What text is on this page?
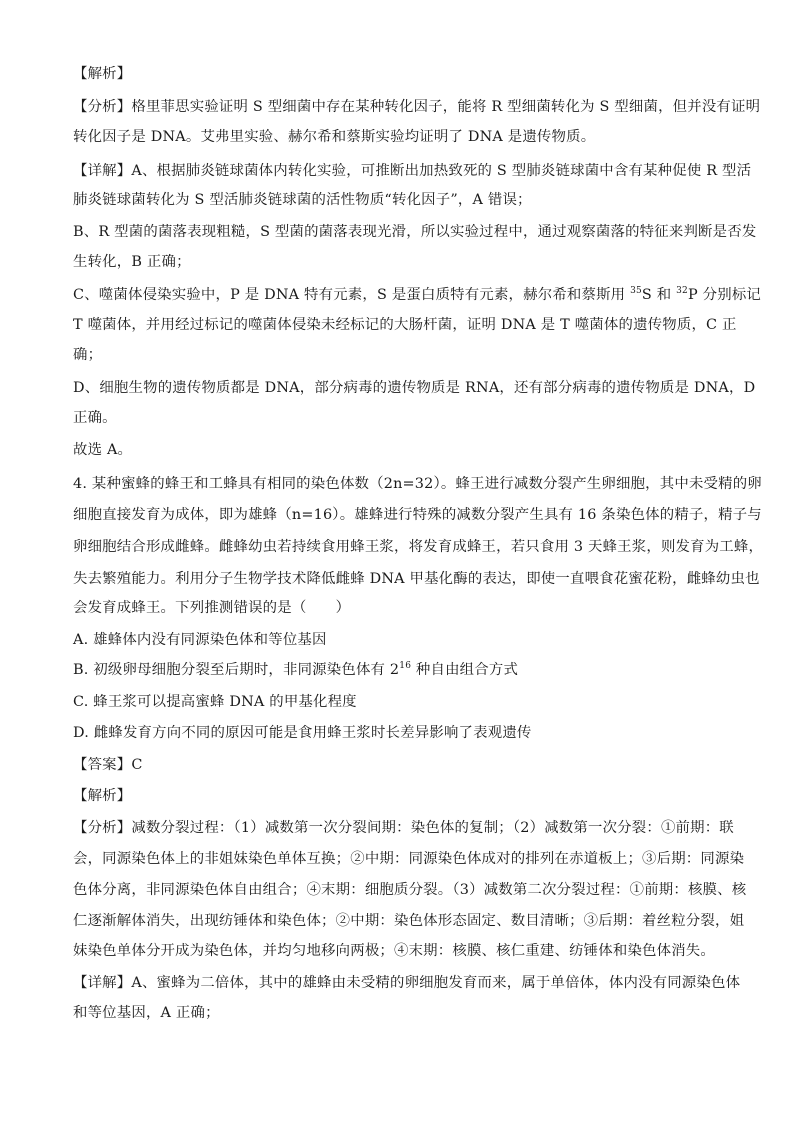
【解析】
【分析】格里菲思实验证明 S 型细菌中存在某种转化因子，能将 R 型细菌转化为 S 型细菌，但并没有证明
转化因子是 DNA。艾弗里实验、赫尔希和蔡斯实验均证明了 DNA 是遗传物质。
【详解】A、根据肺炎链球菌体内转化实验，可推断出加热致死的 S 型肺炎链球菌中含有某种促使 R 型活
肺炎链球菌转化为 S 型活肺炎链球菌的活性物质“转化因子”，A 错误；
B、R 型菌的菌落表现粗糙，S 型菌的菌落表现光滑，所以实验过程中，通过观察菌落的特征来判断是否发
生转化，B 正确；
C、噬菌体侵染实验中，P 是 DNA 特有元素，S 是蛋白质特有元素，赫尔希和蔡斯用 $^{35}$S 和 $^{32}$P 分别标记
T 噬菌体，并用经过标记的噬菌体侵染未经标记的大肠杆菌，证明 DNA 是 T 噬菌体的遗传物质，C 正
确；
D、细胞生物的遗传物质都是 DNA，部分病毒的遗传物质是 RNA，还有部分病毒的遗传物质是 DNA，D
正确。
故选 A。
4. 某种蜜蜂的蜂王和工蜂具有相同的染色体数（2n=32）。蜂王进行减数分裂产生卵细胞，其中未受精的卵
细胞直接发育为成体，即为雄蜂（n=16）。雄蜂进行特殊的减数分裂产生具有 16 条染色体的精子，精子与
卵细胞结合形成雌蜂。雌蜂幼虫若持续食用蜂王浆，将发育成蜂王，若只食用 3 天蜂王浆，则发育为工蜂，
失去繁殖能力。利用分子生物学技术降低雌蜂 DNA 甲基化酶的表达，即使一直喂食花蜜花粉，雌蜂幼虫也
会发育成蜂王。下列推测错误的是（　　）
A. 雄蜂体内没有同源染色体和等位基因
B. 初级卵母细胞分裂至后期时，非同源染色体有 $2^{16}$ 种自由组合方式
C. 蜂王浆可以提高蜜蜂 DNA 的甲基化程度
D. 雌蜂发育方向不同的原因可能是食用蜂王浆时长差异影响了表观遗传
【答案】C
【解析】
【分析】减数分裂过程：（1）减数第一次分裂间期：染色体的复制；（2）减数第一次分裂：①前期：联
会，同源染色体上的非姐妹染色单体互换；②中期：同源染色体成对的排列在赤道板上；③后期：同源染
色体分离，非同源染色体自由组合；④末期：细胞质分裂。（3）减数第二次分裂过程：①前期：核膜、核
仁逐渐解体消失，出现纺锤体和染色体；②中期：染色体形态固定、数目清晰；③后期：着丝粒分裂，姐
妹染色单体分开成为染色体，并均匀地移向两极；④末期：核膜、核仁重建、纺锤体和染色体消失。
【详解】A、蜜蜂为二倍体，其中的雄蜂由未受精的卵细胞发育而来，属于单倍体，体内没有同源染色体
和等位基因，A 正确；
